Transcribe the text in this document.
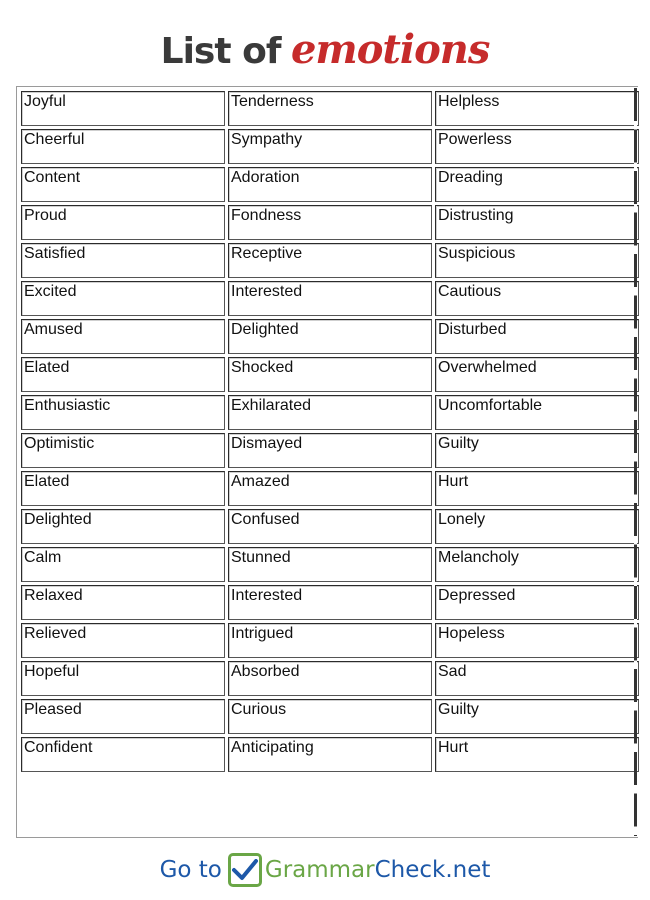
List of emotions
Joyful	Tenderness	Helpless
Cheerful	Sympathy	Powerless
Content	Adoration	Dreading
Proud	Fondness	Distrusting
Satisfied	Receptive	Suspicious
Excited	Interested	Cautious
Amused	Delighted	Disturbed
Elated	Shocked	Overwhelmed
Enthusiastic	Exhilarated	Uncomfortable
Optimistic	Dismayed	Guilty
Elated	Amazed	Hurt
Delighted	Confused	Lonely
Calm	Stunned	Melancholy
Relaxed	Interested	Depressed
Relieved	Intrigued	Hopeless
Hopeful	Absorbed	Sad
Pleased	Curious	Guilty
Confident	Anticipating	Hurt
Go to Grammar Check.net
